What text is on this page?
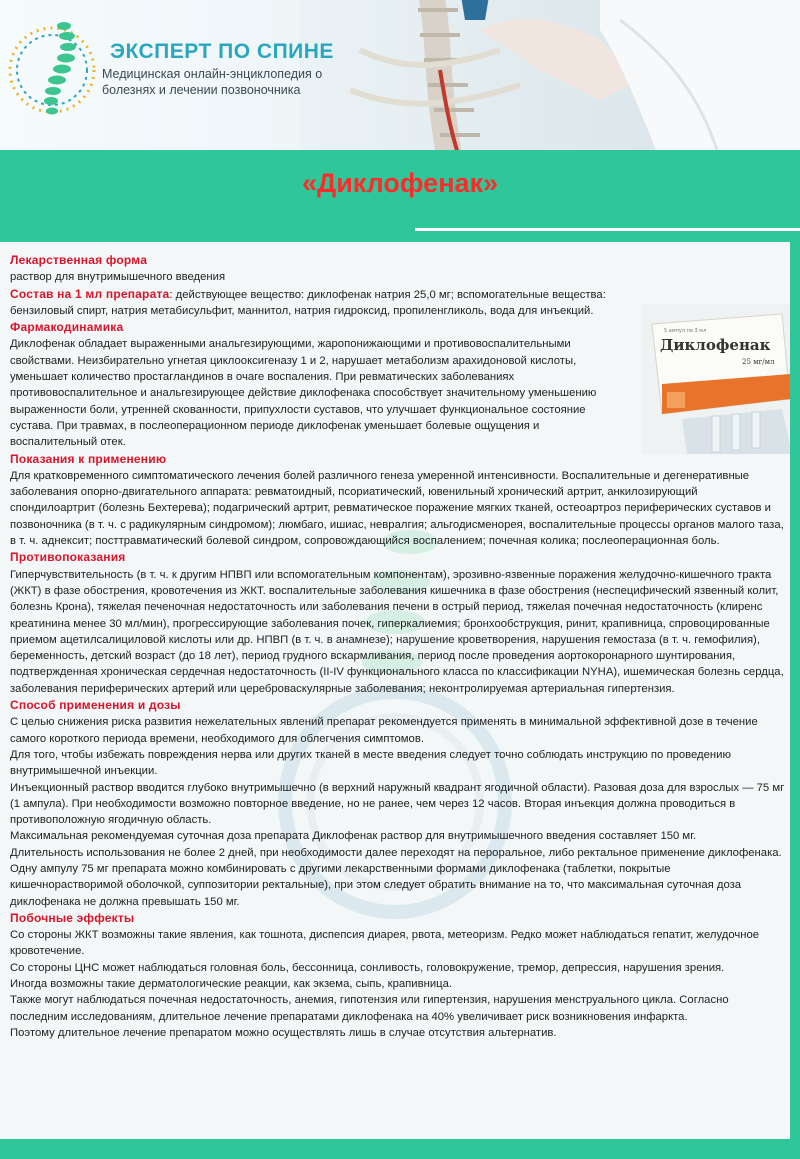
ЭКСПЕРТ ПО СПИНЕ
Медицинская онлайн-энциклопедия о болезнях и лечении позвоночника
«Диклофенак»
5 ампул по 3 мл
Диклофенак
25 мг/мл

Лекарственная форма

раствор для внутримышечного введения

Состав на 1 мл препарата: действующее вещество: диклофенак натрия 25,0 мг; вспомогательные вещества: бензиловый спирт, натрия метабисульфит, маннитол, натрия гидроксид, пропиленгликоль, вода для инъекций.

Фармакодинамика

Диклофенак обладает выраженными анальгезирующими, жаропонижающими и противовоспалительными свойствами. Неизбирательно угнетая циклооксигеназу 1 и 2, нарушает метаболизм арахидоновой кислоты, уменьшает количество простагландинов в очаге воспаления. При ревматических заболеваниях противовоспалительное и анальгезирующее действие диклофенака способствует значительному уменьшению выраженности боли, утренней скованности, припухлости суставов, что улучшает функциональное состояние сустава. При травмах, в послеоперационном периоде диклофенак уменьшает болевые ощущения и воспалительный отек.

Показания к применению

Для кратковременного симптоматического лечения болей различного генеза умеренной интенсивности. Воспалительные и дегенеративные заболевания опорно-двигательного аппарата: ревматоидный, псориатический, ювенильный хронический артрит, анкилозирующий спондилоартрит (болезнь Бехтерева); подагрический артрит, ревматическое поражение мягких тканей, остеоартроз периферических суставов и позвоночника (в т. ч. с радикулярным синдромом); люмбаго, ишиас, невралгия; альгодисменорея, воспалительные процессы органов малого таза, в т. ч. аднексит; посттравматический болевой синдром, сопровождающийся воспалением; почечная колика; послеоперационная боль.

Противопоказания

Гиперчувствительность (в т. ч. к другим НПВП или вспомогательным компонентам), эрозивно-язвенные поражения желудочно-кишечного тракта (ЖКТ) в фазе обострения, кровотечения из ЖКТ. воспалительные заболевания кишечника в фазе обострения (неспецифический язвенный колит, болезнь Крона), тяжелая печеночная недостаточность или заболевания печени в острый период, тяжелая почечная недостаточность (клиренс креатинина менее 30 мл/мин), прогрессирующие заболевания почек, гиперкалиемия; бронхообструкция, ринит, крапивница, спровоцированные приемом ацетилсалициловой кислоты или др. НПВП (в т. ч. в анамнезе); нарушение кроветворения, нарушения гемостаза (в т. ч. гемофилия), беременность, детский возраст (до 18 лет), период грудного вскармливания, период после проведения аортокоронарного шунтирования, подтвержденная хроническая сердечная недостаточность (II-IV функционального класса по классификации NYHA), ишемическая болезнь сердца, заболевания периферических артерий или цереброваскулярные заболевания; неконтролируемая артериальная гипертензия.

Способ применения и дозы

С целью снижения риска развития нежелательных явлений препарат рекомендуется применять в минимальной эффективной дозе в течение самого короткого периода времени, необходимого для облегчения симптомов.

Для того, чтобы избежать повреждения нерва или других тканей в месте введения следует точно соблюдать инструкцию по проведению внутримышечной инъекции.

Инъекционный раствор вводится глубоко внутримышечно (в верхний наружный квадрант ягодичной области). Разовая доза для взрослых — 75 мг (1 ампула). При необходимости возможно повторное введение, но не ранее, чем через 12 часов. Вторая инъекция должна проводиться в противоположную ягодичную область.

Максимальная рекомендуемая суточная доза препарата Диклофенак раствор для внутримышечного введения составляет 150 мг.

Длительность использования не более 2 дней, при необходимости далее переходят на пероральное, либо ректальное применение диклофенака.

Одну ампулу 75 мг препарата можно комбинировать с другими лекарственными формами диклофенака (таблетки, покрытые кишечнорастворимой оболочкой, суппозитории ректальные), при этом следует обратить внимание на то, что максимальная суточная доза диклофенака не должна превышать 150 мг.

Побочные эффекты

Со стороны ЖКТ возможны такие явления, как тошнота, диспепсия диарея, рвота, метеоризм. Редко может наблюдаться гепатит, желудочное кровотечение.

Со стороны ЦНС может наблюдаться головная боль, бессонница, сонливость, головокружение, тремор, депрессия, нарушения зрения.

Иногда возможны такие дерматологические реакции, как экзема, сыпь, крапивница.

Также могут наблюдаться почечная недостаточность, анемия, гипотензия или гипертензия, нарушения менструального цикла. Согласно последним исследованиям, длительное лечение препаратами диклофенака на 40% увеличивает риск возникновения инфаркта.

Поэтому длительное лечение препаратом можно осуществлять лишь в случае отсутствия альтернатив.
